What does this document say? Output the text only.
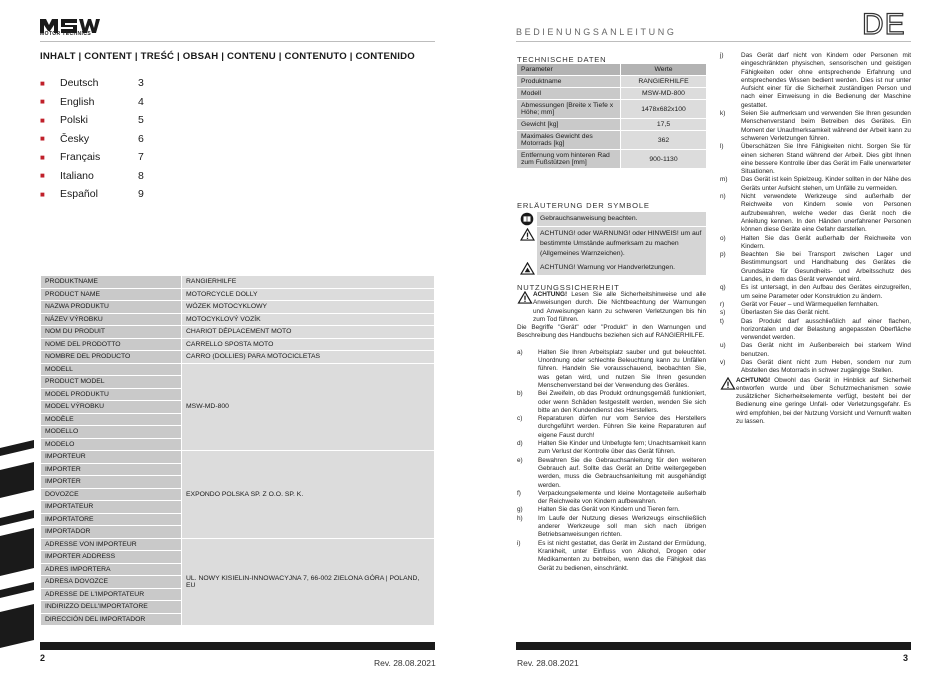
MOTOR TECHNICS	BEDIENUNGSANLEITUNG	DE
INHALT | CONTENT | TREŚĆ | OBSAH | CONTENU | CONTENUTO | CONTENIDO
■	Deutsch	3
■	English	4
■	Polski	5
■	Česky	6
■	Français	7
■	Italiano	8
■	Español	9
PRODUKTNAME	RANGIERHILFE
PRODUCT NAME	MOTORCYCLE DOLLY
NAZWA PRODUKTU	WÓZEK MOTOCYKLOWY
NÁZEV VÝROBKU	MOTOCYKLOVÝ VOZÍK
NOM DU PRODUIT	CHARIOT DÉPLACEMENT MOTO
NOME DEL PRODOTTO	CARRELLO SPOSTA MOTO
NOMBRE DEL PRODUCTO	CARRO (DOLLIES) PARA MOTOCICLETAS
MODELL	MSW-MD-800
PRODUCT MODEL	
MODEL PRODUKTU	
MODEL VÝROBKU	
MODÈLE	
MODELLO	
MODELO	
IMPORTEUR	EXPONDO POLSKA SP. Z O.O. SP. K.
IMPORTER	
IMPORTER	
DOVOZCE	
IMPORTATEUR	
IMPORTATORE	
IMPORTADOR	
ADRESSE VON IMPORTEUR	UL. NOWY KISIELIN-INNOWACYJNA 7, 66-002 ZIELONA GÓRA | POLAND, EU
IMPORTER ADDRESS	
ADRES IMPORTERA	
ADRESA DOVOZCE	
ADRESSE DE L'IMPORTATEUR	
INDIRIZZO DELL'IMPORTATORE	
DIRECCIÓN DEL IMPORTADOR	
TECHNISCHE DATEN
Parameter	Werte
Produktname	RANGIERHILFE
Modell	MSW-MD-800
Abmessungen [Breite x Tiefe x Höhe; mm]	1478x682x100
Gewicht [kg]	17,5
Maximales Gewicht des Motorrads [kg]	362
Entfernung vom hinteren Rad zum Fußstützen [mm]	900-1130
ERLÄUTERUNG DER SYMBOLE
Gebrauchsanweisung beachten.
ACHTUNG! oder WARNUNG! oder HINWEIS! um auf bestimmte Umstände aufmerksam zu machen (Allgemeines Warnzeichen).
ACHTUNG! Warnung vor Handverletzungen.
NUTZUNGSSICHERHEIT
ACHTUNG! Lesen Sie alle Sicherheitshinweise und alle Anweisungen durch. Die Nichtbeachtung der Warnungen und Anweisungen kann zu schweren Verletzungen bis hin zum Tod führen.
Die Begriffe "Gerät" oder "Produkt" in den Warnungen und Beschreibung des Handbuchs beziehen sich auf RANGIERHILFE.
a)	Halten Sie Ihren Arbeitsplatz sauber und gut beleuchtet. Unordnung oder schlechte Beleuchtung kann zu Unfällen führen. Handeln Sie vorausschauend, beobachten Sie, was getan wird, und nutzen Sie Ihren gesunden Menschenverstand bei der Verwendung des Gerätes.
b)	Bei Zweifeln, ob das Produkt ordnungsgemäß funktioniert, oder wenn Schäden festgestellt werden, wenden Sie sich bitte an den Kundendienst des Herstellers.
c)	Reparaturen dürfen nur vom Service des Herstellers durchgeführt werden. Führen Sie keine Reparaturen auf eigene Faust durch!
d)	Halten Sie Kinder und Unbefugte fern; Unachtsamkeit kann zum Verlust der Kontrolle über das Gerät führen.
e)	Bewahren Sie die Gebrauchsanleitung für den weiteren Gebrauch auf. Sollte das Gerät an Dritte weitergegeben werden, muss die Gebrauchsanleitung mit ausgehändigt werden.
f)	Verpackungselemente und kleine Montageteile außerhalb der Reichweite von Kindern aufbewahren.
g)	Halten Sie das Gerät von Kindern und Tieren fern.
h)	Im Laufe der Nutzung dieses Werkzeugs einschließlich anderer Werkzeuge soll man sich nach übrigen Betriebsanweisungen richten.
i)	Es ist nicht gestattet, das Gerät im Zustand der Ermüdung, Krankheit, unter Einfluss von Alkohol, Drogen oder Medikamenten zu betreiben, wenn das die Fähigkeit das Gerät zu bedienen, einschränkt.
j)	Das Gerät darf nicht von Kindern oder Personen mit eingeschränkten physischen, sensorischen und geistigen Fähigkeiten oder ohne entsprechende Erfahrung und entsprechendes Wissen bedient werden. Dies ist nur unter Aufsicht einer für die Sicherheit zuständigen Person und nach einer Einweisung in die Bedienung der Maschine gestattet.
k)	Seien Sie aufmerksam und verwenden Sie Ihren gesunden Menschenverstand beim Betreiben des Gerätes. Ein Moment der Unaufmerksamkeit während der Arbeit kann zu schweren Verletzungen führen.
l)	Überschätzen Sie Ihre Fähigkeiten nicht. Sorgen Sie für einen sicheren Stand während der Arbeit. Dies gibt Ihnen eine bessere Kontrolle über das Gerät im Falle unerwarteter Situationen.
m)	Das Gerät ist kein Spielzeug. Kinder sollten in der Nähe des Geräts unter Aufsicht stehen, um Unfälle zu vermeiden.
n)	Nicht verwendete Werkzeuge sind außerhalb der Reichweite von Kindern sowie von Personen aufzubewahren, welche weder das Gerät noch die Anleitung kennen. In den Händen unerfahrener Personen können diese Geräte eine Gefahr darstellen.
o)	Halten Sie das Gerät außerhalb der Reichweite von Kindern.
p)	Beachten Sie bei Transport zwischen Lager und Bestimmungsort und Handhabung des Gerätes die Grundsätze für Gesundheits- und Arbeitsschutz des Landes, in dem das Gerät verwendet wird.
q)	Es ist untersagt, in den Aufbau des Gerätes einzugreifen, um seine Parameter oder Konstruktion zu ändern.
r)	Gerät vor Feuer – und Wärmequellen fernhalten.
s)	Überlasten Sie das Gerät nicht.
t)	Das Produkt darf ausschließlich auf einer flachen, horizontalen und der Belastung angepassten Oberfläche verwendet werden.
u)	Das Gerät nicht im Außenbereich bei starkem Wind benutzen.
v)	Das Gerät dient nicht zum Heben, sondern nur zum Abstellen des Motorrads in schwer zugängige Stellen.
ACHTUNG! Obwohl das Gerät in Hinblick auf Sicherheit entworfen wurde und über Schutzmechanismen sowie zusätzlicher Sicherheitselemente verfügt, besteht bei der Bedienung eine geringe Unfall- oder Verletzungsgefahr. Es wird empfohlen, bei der Nutzung Vorsicht und Vernunft walten zu lassen.
2	3
Rev. 28.08.2021	Rev. 28.08.2021
